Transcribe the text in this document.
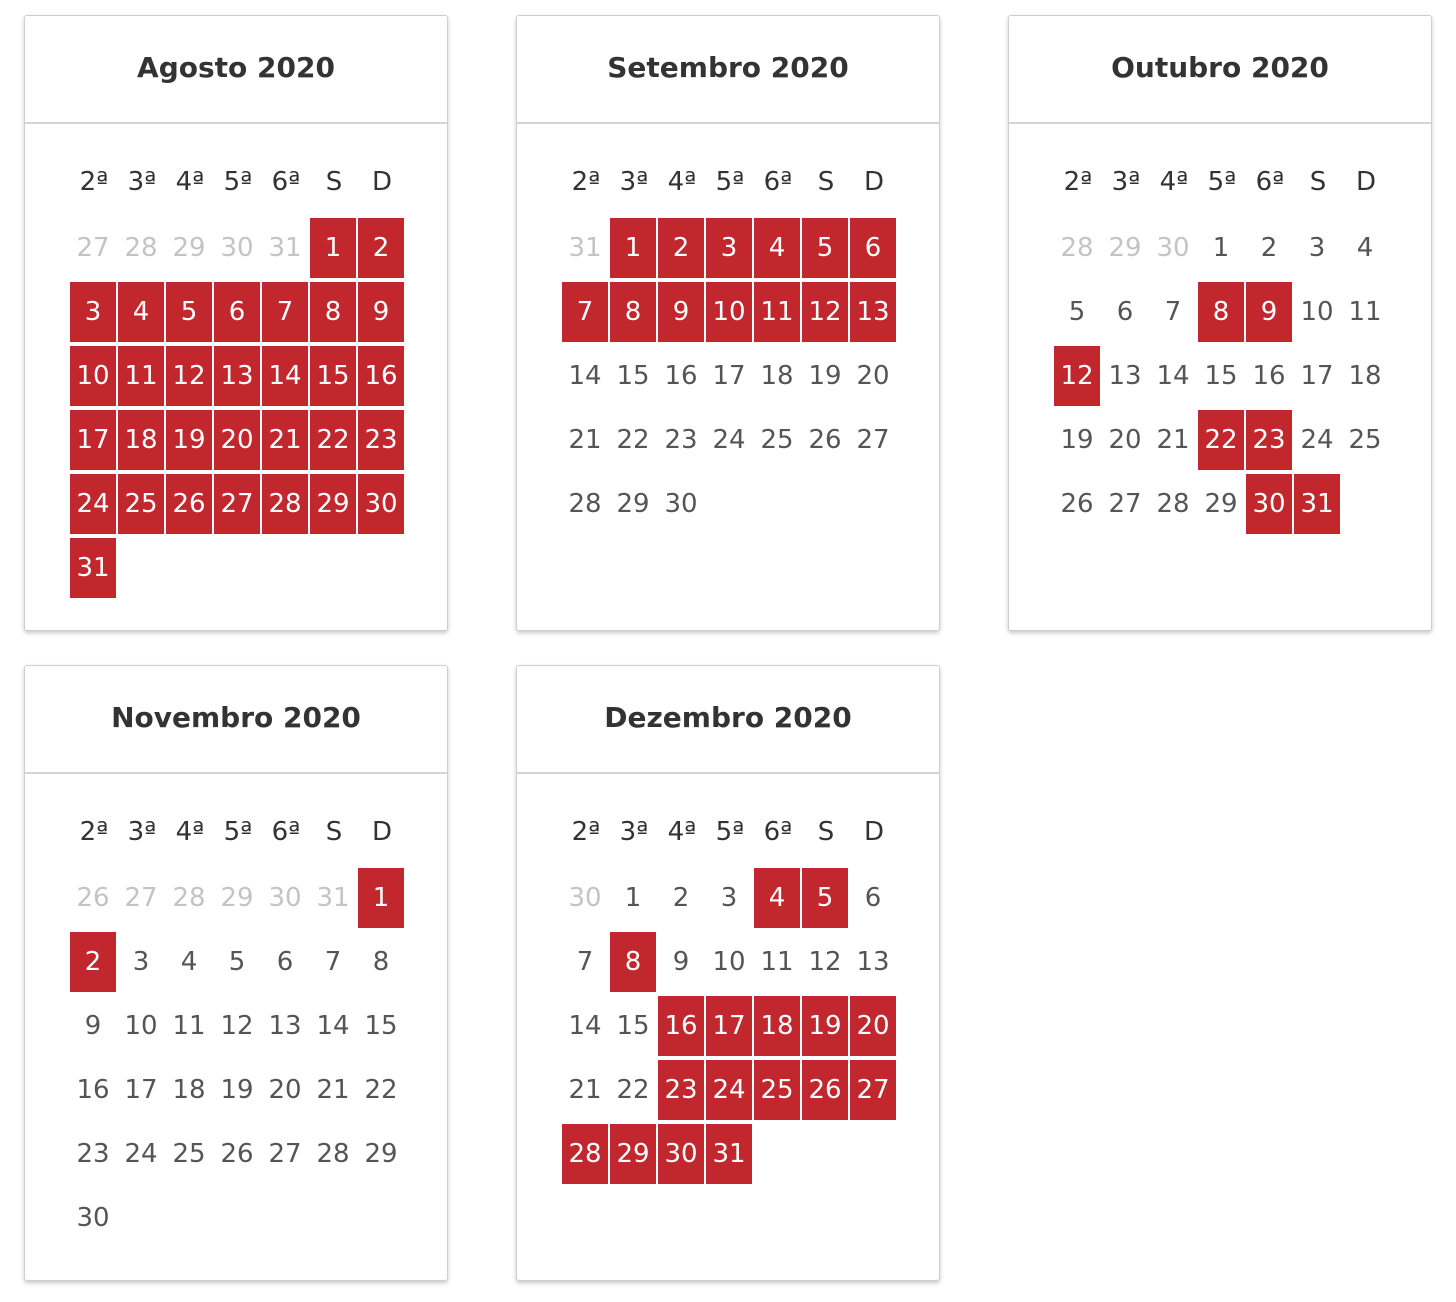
Agosto 2020
2ª 3ª 4ª 5ª 6ª S	D
27 28 29 30 31 1	2
3	4	5	6	7	8	9
10 11 12 13 14 15 16
17 18 19 20 21 22 23
24 25 26 27 28 29 30
31
Setembro 2020
2ª 3ª 4ª 5ª 6ª S	D
31 1	2	3	4	5	6
7	8	9 10 11 12 13
14 15 16 17 18 19 20
21 22 23 24 25 26 27
28 29 30
Outubro 2020
2ª 3ª 4ª 5ª 6ª S	D
28 29 30 1	2	3	4
5	6	7	8	9 10 11
12 13 14 15 16 17 18
19 20 21 22 23 24 25
26 27 28 29 30 31
Novembro 2020
2ª 3ª 4ª 5ª 6ª S	D
26 27 28 29 30 31 1
2	3	4	5	6	7	8
9 10 11 12 13 14 15
16 17 18 19 20 21 22
23 24 25 26 27 28 29
30
Dezembro 2020
2ª 3ª 4ª 5ª 6ª S	D
30 1	2	3	4	5	6
7	8	9 10 11 12 13
14 15 16 17 18 19 20
21 22 23 24 25 26 27
28 29 30 31
